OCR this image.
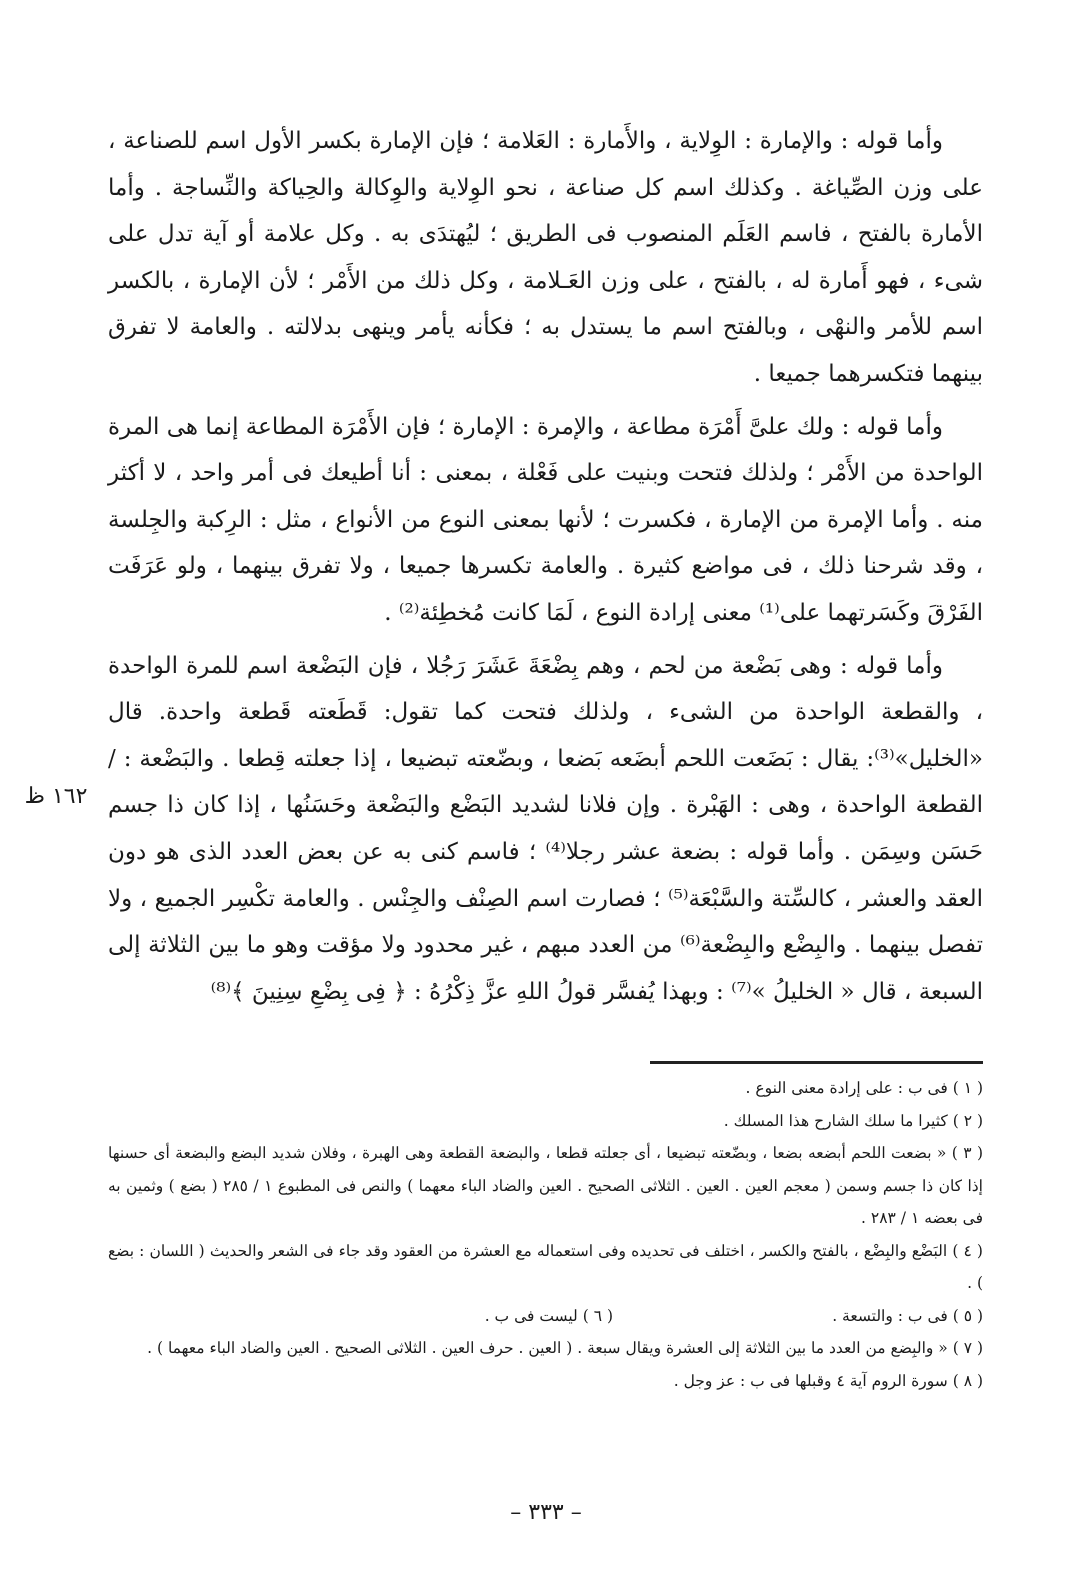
وأما قوله : والإمارة : الوِلاية ، والأَمارة : العَلامة ؛ فإن الإمارة بكسر الأول اسم للصناعة ، على وزن الصِّياغة . وكذلك اسم كل صناعة ، نحو الوِلاية والوِكالة والحِياكة والنِّساجة . وأما الأمارة بالفتح ، فاسم العَلَم المنصوب فى الطريق ؛ ليُهتدَى به . وكل علامة أو آية تدل على شىء ، فهو أَمارة له ، بالفتح ، على وزن العَـلامة ، وكل ذلك من الأَمْر ؛ لأن الإمارة ، بالكسر اسم للأمر والنهْى ، وبالفتح اسم ما يستدل به ؛ فكأنه يأمر وينهى بدلالته . والعامة لا تفرق بينهما فتكسرهما جميعا .

وأما قوله : ولك علىَّ أَمْرَة مطاعة ، والإمرة : الإمارة ؛ فإن الأَمْرَة المطاعة إنما هى المرة الواحدة من الأَمْر ؛ ولذلك فتحت وبنيت على فَعْلة ، بمعنى : أنا أطيعك فى أمر واحد ، لا أكثر منه . وأما الإمرة من الإمارة ، فكسرت ؛ لأنها بمعنى النوع من الأنواع ، مثل : الرِكبة والجِلسة ، وقد شرحنا ذلك ، فى مواضع كثيرة . والعامة تكسرها جميعا ، ولا تفرق بينهما ، ولو عَرَفَت الفَرْقَ وكَسَرتهما على⁽¹⁾ معنى إرادة النوع ، لَمَا كانت مُخطِئة⁽²⁾ .

وأما قوله : وهى بَضْعة من لحم ، وهم بِضْعَةَ عَشَرَ رَجُلا ، فإن البَضْعة اسم للمرة الواحدة ، والقطعة الواحدة من الشىء ، ولذلك فتحت كما تقول: قَطَعته قَطعة واحدة. قال «الخليل»⁽³⁾: يقال : بَضَعت اللحم أبضَعه بَضعا ، وبضّعته تبضيعا ، إذا جعلته قِطعا . والبَضْعة : / القطعة الواحدة ، وهى : الهَبْرة . وإن فلانا لشديد البَضْع والبَضْعة وحَسَنُها ، إذا كان ذا جسم حَسَن وسِمَن . وأما قوله : بضعة عشر رجلا⁽⁴⁾ ؛ فاسم كنى به عن بعض العدد الذى هو دون العقد والعشر ، كالسِّتة والسَّبْعَة⁽⁵⁾ ؛ فصارت اسم الصِنْف والجِنْس . والعامة تكْسِر الجميع ، ولا تفصل بينهما . والبِضْع والبِضْعة⁽⁶⁾ من العدد مبهم ، غير محدود ولا مؤقت وهو ما بين الثلاثة إلى السبعة ، قال « الخليلُ »⁽⁷⁾ : وبهذا يُفسَّر قولُ اللهِ عزَّ ذِكْرُهُ : ﴿ فِى بِضْعِ سِنِينَ ﴾⁽⁸⁾

١٦٢ ظ

( ١ ) فى ب : على إرادة معنى النوع .

( ٢ ) كثيرا ما سلك الشارح هذا المسلك .

( ٣ ) « بضعت اللحم أبضعه بضعا ، وبضّعته تبضيعا ، أى جعلته قطعا ، والبضعة القطعة وهى الهبرة ، وفلان شديد البضع والبضعة أى حسنها إذا كان ذا جسم وسمن ( معجم العين . العين . الثلاثى الصحيح . العين والضاد الباء معهما ) والنص فى المطبوع ١ / ٢٨٥ ( بضع ) وثمين به فى بعضه ١ / ٢٨٣ .

( ٤ ) البَضْع والبِضْع ، بالفتح والكسر ، اختلف فى تحديده وفى استعماله مع العشرة من العقود وقد جاء فى الشعر والحديث ( اللسان : بضع ) .

( ٥ ) فى ب : والتسعة .

( ٦ ) ليست فى ب .

( ٧ ) « والبِضع من العدد ما بين الثلاثة إلى العشرة ويقال سبعة . ( العين . حرف العين . الثلاثى الصحيح . العين والضاد الباء معهما ) .

( ٨ ) سورة الروم آية ٤ وقبلها فى ب : عز وجل .

– ٣٣٣ –
